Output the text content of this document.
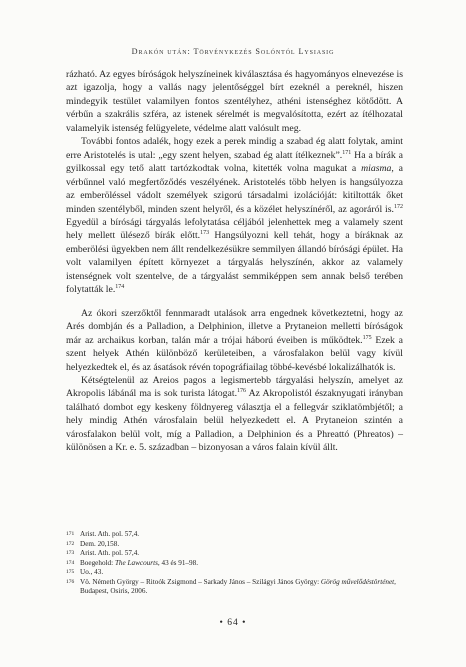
Drakón után: Törvénykezés Solóntól Lysiasig

rázható. Az egyes bíróságok helyszíneinek kiválasztása és hagyományos elnevezése is azt igazolja, hogy a vallás nagy jelentőséggel bírt ezeknél a pereknél, hiszen mindegyik testület valamilyen fontos szentélyhez, athéni istenséghez kötődött. A vérbűn a szakrális szféra, az istenek sérelmét is megvalósította, ezért az ítélhozatal valamelyik istenség felügyelete, védelme alatt valósult meg.

További fontos adalék, hogy ezek a perek mindig a szabad ég alatt folytak, amint erre Aristotelés is utal: „egy szent helyen, szabad ég alatt ítélkeznek”.$^{171}$ Ha a bírák a gyilkossal egy tető alatt tartózkodtak volna, kitették volna magukat a miasma, a vérbűnnel való megfertőződés veszélyének. Aristotelés több helyen is hangsúlyozza az emberöléssel vádolt személyek szigorú társadalmi izolációját: kitiltották őket minden szentélyből, minden szent helyről, és a közélet helyszínéről, az agoráról is.$^{172}$ Egyedül a bírósági tárgyalás lefolytatása céljából jelenhettek meg a valamely szent hely mellett ülésező bírák előtt.$^{173}$ Hangsúlyozni kell tehát, hogy a bíráknak az emberölési ügyekben nem állt rendelkezésükre semmilyen állandó bírósági épület. Ha volt valamilyen épített környezet a tárgyalás helyszínén, akkor az valamely istenségnek volt szentelve, de a tárgyalást semmiképpen sem annak belső terében folytatták le.$^{174}$

Az ókori szerzőktől fennmaradt utalások arra engednek következtetni, hogy az Arés dombján és a Palladion, a Delphinion, illetve a Prytaneion melletti bíróságok már az archaikus korban, talán már a trójai háború éveiben is működtek.$^{175}$ Ezek a szent helyek Athén különböző kerületeiben, a városfalakon belül vagy kívül helyezkedtek el, és az ásatások révén topográfiailag többé-kevésbé lokalizálhatók is.

Kétségtelenül az Areios pagos a legismertebb tárgyalási helyszín, amelyet az Akropolis lábánál ma is sok turista látogat.$^{176}$ Az Akropolistól északnyugati irányban található dombot egy keskeny földnyereg választja el a fellegvár sziklatömbjétől; a hely mindig Athén városfalain belül helyezkedett el. A Prytaneion szintén a városfalakon belül volt, míg a Palladion, a Delphinion és a Phreattó (Phreatos) – különösen a Kr. e. 5. században – bizonyosan a város falain kívül állt.

171 Arist. Ath. pol. 57,4.
172 Dem. 20,158.
173 Arist. Ath. pol. 57,4.
174 Boegehold: The Lawcourts, 43 és 91–98.
175 Uo., 43.
176 Vö. Németh György – Ritoók Zsigmond – Sarkady János – Szilágyi János György: Görög művelődéstörténet, Budapest, Osiris, 2006.
• 64 •
